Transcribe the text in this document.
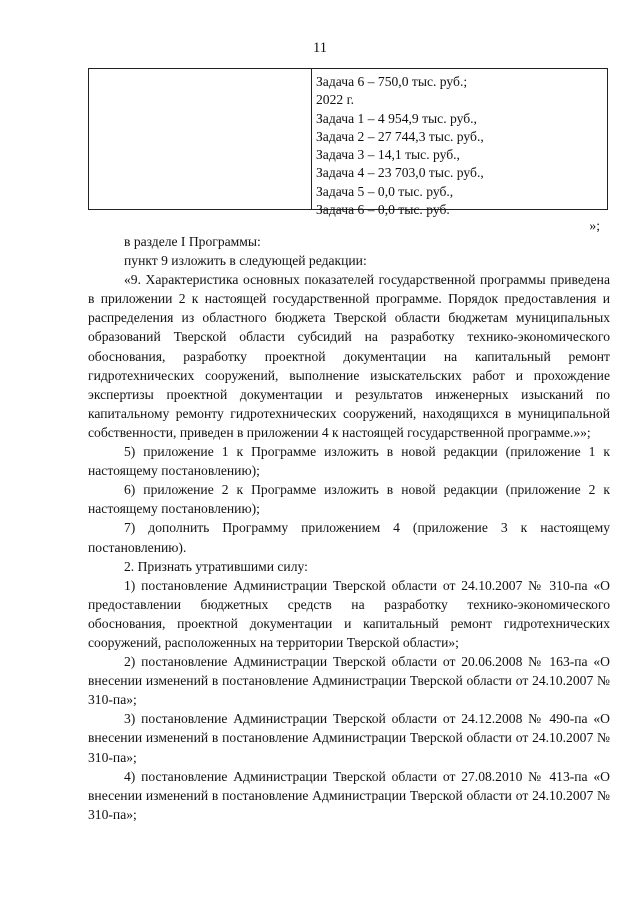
11
Задача 6 – 750,0 тыс. руб.;
2022 г.
Задача 1 – 4 954,9 тыс. руб.,
Задача 2 – 27 744,3 тыс. руб.,
Задача 3 – 14,1 тыс. руб.,
Задача 4 – 23 703,0 тыс. руб.,
Задача 5 – 0,0 тыс. руб.,
Задача 6 – 0,0 тыс. руб.
»;

в разделе I Программы:

пункт 9 изложить в следующей редакции:

«9. Характеристика основных показателей государственной программы приведена в приложении 2 к настоящей государственной программе. Порядок предоставления и распределения из областного бюджета Тверской области бюджетам муниципальных образований Тверской области субсидий на разработку технико-экономического обоснования, разработку проектной документации на капитальный ремонт гидротехнических сооружений, выполнение изыскательских работ и прохождение экспертизы проектной документации и результатов инженерных изысканий по капитальному ремонту гидротехнических сооружений, находящихся в муниципальной собственности, приведен в приложении 4 к настоящей государственной программе.»»;

5) приложение 1 к Программе изложить в новой редакции (приложение 1 к настоящему постановлению);

6) приложение 2 к Программе изложить в новой редакции (приложение 2 к настоящему постановлению);

7) дополнить Программу приложением 4 (приложение 3 к настоящему постановлению).

2. Признать утратившими силу:

1) постановление Администрации Тверской области от 24.10.2007 № 310-па «О предоставлении бюджетных средств на разработку технико-экономического обоснования, проектной документации и капитальный ремонт гидротехнических сооружений, расположенных на территории Тверской области»;

2) постановление Администрации Тверской области от 20.06.2008 № 163-па «О внесении изменений в постановление Администрации Тверской области от 24.10.2007 № 310-па»;

3) постановление Администрации Тверской области от 24.12.2008 № 490-па «О внесении изменений в постановление Администрации Тверской области от 24.10.2007 № 310-па»;

4) постановление Администрации Тверской области от 27.08.2010 № 413-па «О внесении изменений в постановление Администрации Тверской области от 24.10.2007 № 310-па»;
